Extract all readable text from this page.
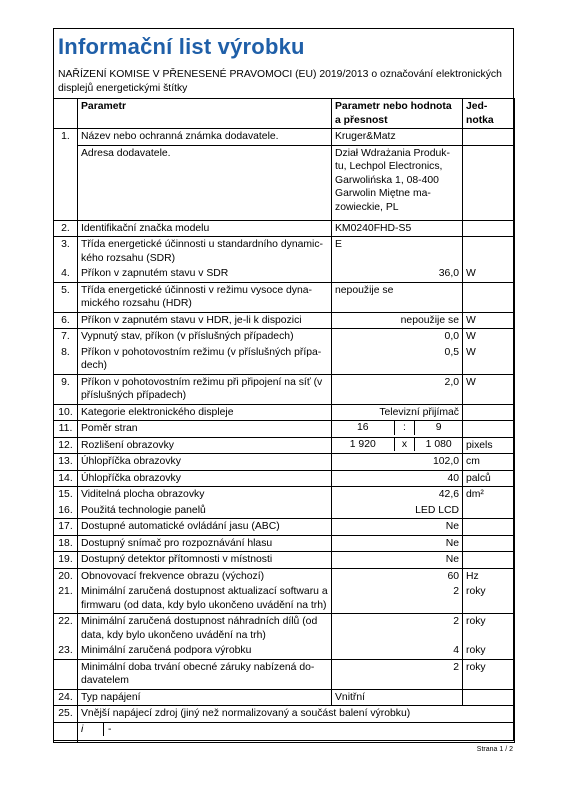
Informační list výrobku
NAŘÍZENÍ KOMISE V PŘENESENÉ PRAVOMOCI (EU) 2019/2013 o označování elektronických displejů energetickými štítky
	Parametr	Parametr nebo hodnota a přesnost	Jed-notka
1.	Název nebo ochranná známka dodavatele.	Kruger&Matz	
	Adresa dodavatele.	Dział Wdrażania Produk-tu, Lechpol Electronics, Garwolińska 1, 08-400 Garwolin Miętne ma-zowieckie, PL	
2.	Identifikační značka modelu	KM0240FHD-S5	
3.	Třída energetické účinnosti u standardního dynamic-kého rozsahu (SDR)	E	
4.	Příkon v zapnutém stavu v SDR	36,0	W
5.	Třída energetické účinnosti v režimu vysoce dyna-mického rozsahu (HDR)	nepoužije se	
6.	Příkon v zapnutém stavu v HDR, je-li k dispozici	nepoužije se	W
7.	Vypnutý stav, příkon (v příslušných případech)	0,0	W
8.	Příkon v pohotovostním režimu (v příslušných přípa-dech)	0,5	W
9.	Příkon v pohotovostním režimu při připojení na síť (v příslušných případech)	2,0	W
10.	Kategorie elektronického displeje	Televizní přijímač	
11.	Poměr stran	16 : 9	

12.	Rozlišení obrazovky	1 920 x 1 080	pixels
13.	Úhlopříčka obrazovky	102,0	cm
14.	Úhlopříčka obrazovky	40	palců
15.	Viditelná plocha obrazovky	42,6	dm²
16.	Použitá technologie panelů	LED LCD	
17.	Dostupné automatické ovládání jasu (ABC)	Ne	
18.	Dostupný snímač pro rozpoznávání hlasu	Ne	
19.	Dostupný detektor přítomnosti v místnosti	Ne	
20.	Obnovovací frekvence obrazu (výchozí)	60	Hz
21.	Minimální zaručená dostupnost aktualizací softwaru a firmwaru (od data, kdy bylo ukončeno uvádění na trh)	2	roky
22.	Minimální zaručená dostupnost náhradních dílů (od data, kdy bylo ukončeno uvádění na trh)	2	roky
23.	Minimální zaručená podpora výrobku	4	roky
	Minimální doba trvání obecné záruky nabízená do-davatelem	2	roky
24.	Typ napájení	Vnitřní	
25.	Vnější napájecí zdroj (jiný než normalizovaný a součást balení výrobku)		

	i -		
Strana 1 / 2
